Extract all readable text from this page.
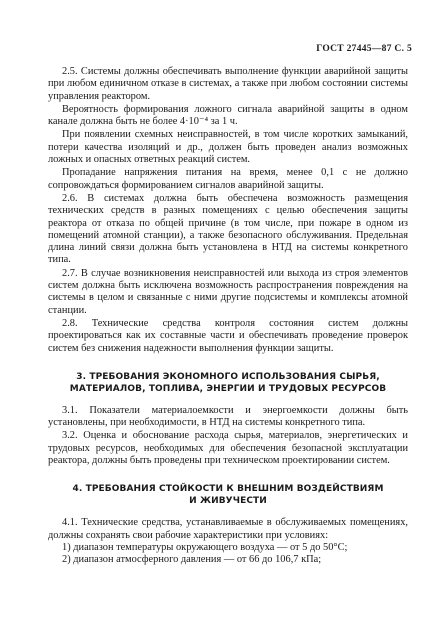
ГОСТ 27445—87 С. 5

2.5. Системы должны обеспечивать выполнение функции аварийной защиты при любом единичном отказе в системах, а также при любом состоянии системы управления реактором.

Вероятность формирования ложного сигнала аварийной защиты в одном канале должна быть не более 4·10⁻⁴ за 1 ч.

При появлении схемных неисправностей, в том числе коротких замыканий, потери качества изоляций и др., должен быть проведен анализ возможных ложных и опасных ответных реакций систем.

Пропадание напряжения питания на время, менее 0,1 с не должно сопровождаться формированием сигналов аварийной защиты.

2.6. В системах должна быть обеспечена возможность размещения технических средств в разных помещениях с целью обеспечения защиты реактора от отказа по общей причине (в том числе, при пожаре в одном из помещений атомной станции), а также безопасного обслуживания. Предельная длина линий связи должна быть установлена в НТД на системы конкретного типа.

2.7. В случае возникновения неисправностей или выхода из строя элементов систем должна быть исключена возможность распространения повреждения на системы в целом и связанные с ними другие подсистемы и комплексы атомной станции.

2.8. Технические средства контроля состояния систем должны проектироваться как их составные части и обеспечивать проведение проверок систем без снижения надежности выполнения функции защиты.

3. ТРЕБОВАНИЯ ЭКОНОМНОГО ИСПОЛЬЗОВАНИЯ СЫРЬЯ,
МАТЕРИАЛОВ, ТОПЛИВА, ЭНЕРГИИ И ТРУДОВЫХ РЕСУРСОВ

3.1. Показатели материалоемкости и энергоемкости должны быть установлены, при необходимости, в НТД на системы конкретного типа.

3.2. Оценка и обоснование расхода сырья, материалов, энергетических и трудовых ресурсов, необходимых для обеспечения безопасной эксплуатации реактора, должны быть проведены при техническом проектировании систем.

4. ТРЕБОВАНИЯ СТОЙКОСТИ К ВНЕШНИМ ВОЗДЕЙСТВИЯМ
И ЖИВУЧЕСТИ

4.1. Технические средства, устанавливаемые в обслуживаемых помещениях, должны сохранять свои рабочие характеристики при условиях:

1) диапазон температуры окружающего воздуха — от 5 до 50°С;
2) диапазон атмосферного давления — от 66 до 106,7 кПа;
